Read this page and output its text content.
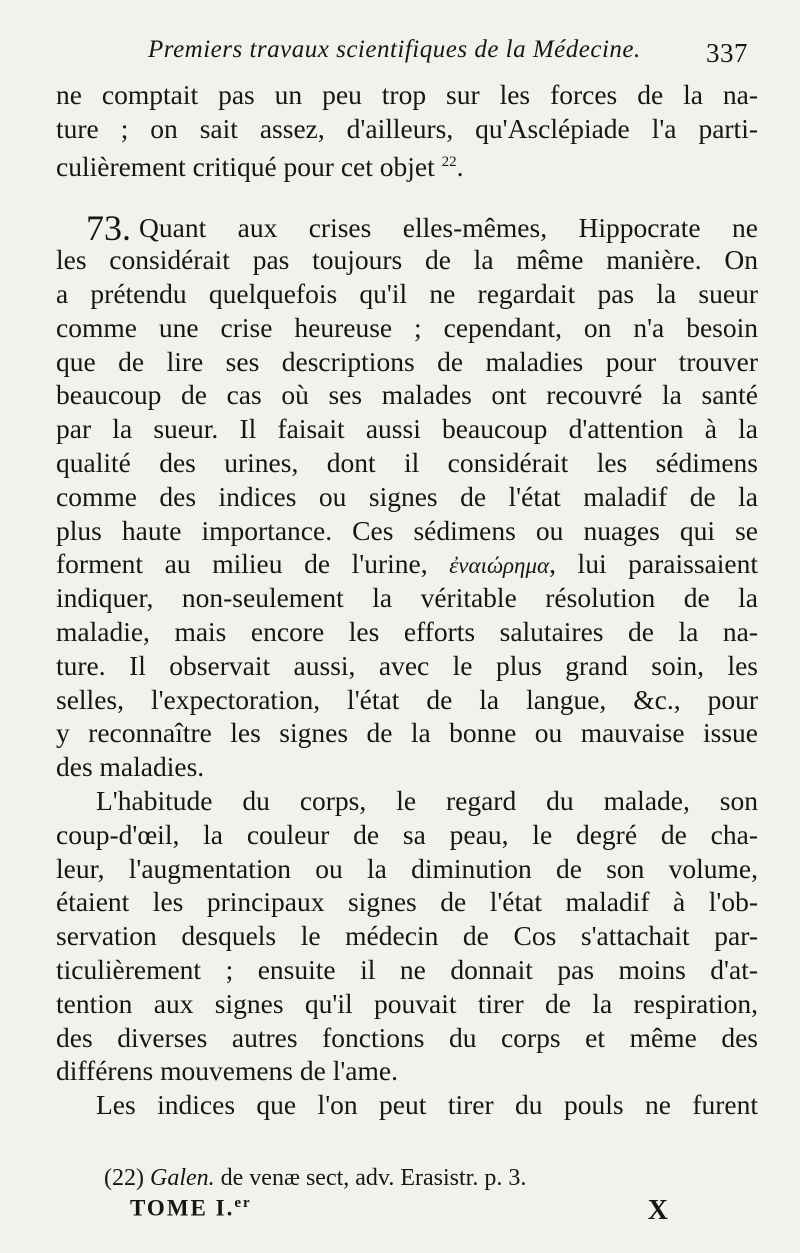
Premiers travaux scientifiques de la Médecine. 337
ne comptait pas un peu trop sur les forces de la na-
ture ; on sait assez, d'ailleurs, qu'Asclépiade l'a parti-
culièrement critiqué pour cet objet $^{22}$.
73. Quant aux crises elles-mêmes, Hippocrate ne
les considérait pas toujours de la même manière. On
a prétendu quelquefois qu'il ne regardait pas la sueur
comme une crise heureuse ; cependant, on n'a besoin
que de lire ses descriptions de maladies pour trouver
beaucoup de cas où ses malades ont recouvré la santé
par la sueur. Il faisait aussi beaucoup d'attention à la
qualité des urines, dont il considérait les sédimens
comme des indices ou signes de l'état maladif de la
plus haute importance. Ces sédimens ou nuages qui se
forment au milieu de l'urine, ἐναιώρημα, lui paraissaient
indiquer, non-seulement la véritable résolution de la
maladie, mais encore les efforts salutaires de la na-
ture. Il observait aussi, avec le plus grand soin, les
selles, l'expectoration, l'état de la langue, &c., pour
y reconnaître les signes de la bonne ou mauvaise issue
des maladies.
L'habitude du corps, le regard du malade, son
coup-d'œil, la couleur de sa peau, le degré de cha-
leur, l'augmentation ou la diminution de son volume,
étaient les principaux signes de l'état maladif à l'ob-
servation desquels le médecin de Cos s'attachait par-
ticulièrement ; ensuite il ne donnait pas moins d'at-
tention aux signes qu'il pouvait tirer de la respiration,
des diverses autres fonctions du corps et même des
différens mouvemens de l'ame.
Les indices que l'on peut tirer du pouls ne furent
(22) Galen. de venæ sect, adv. Erasistr. p. 3.
TOME I.$^{er}$	X
